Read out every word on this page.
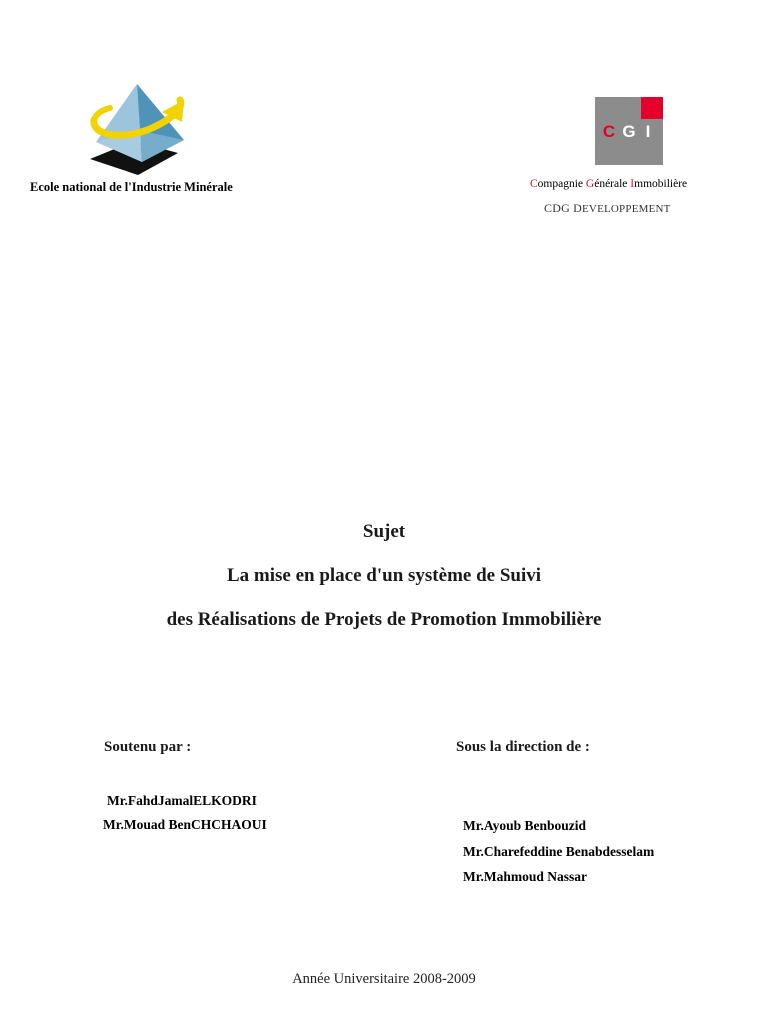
Ecole national de l'Industrie Minérale
C G I
Compagnie Générale Immobilière
CDG DEVELOPPEMENT
Sujet
La mise en place d'un système de Suivi
des Réalisations de Projets de Promotion Immobilière
Soutenu par :	Sous la direction de :
Mr.FahdJamalELKODRI
Mr.Mouad BenCHCHAOUI	Mr.Ayoub Benbouzid
Mr.Charefeddine Benabdesselam
Mr.Mahmoud Nassar
Année Universitaire 2008-2009
